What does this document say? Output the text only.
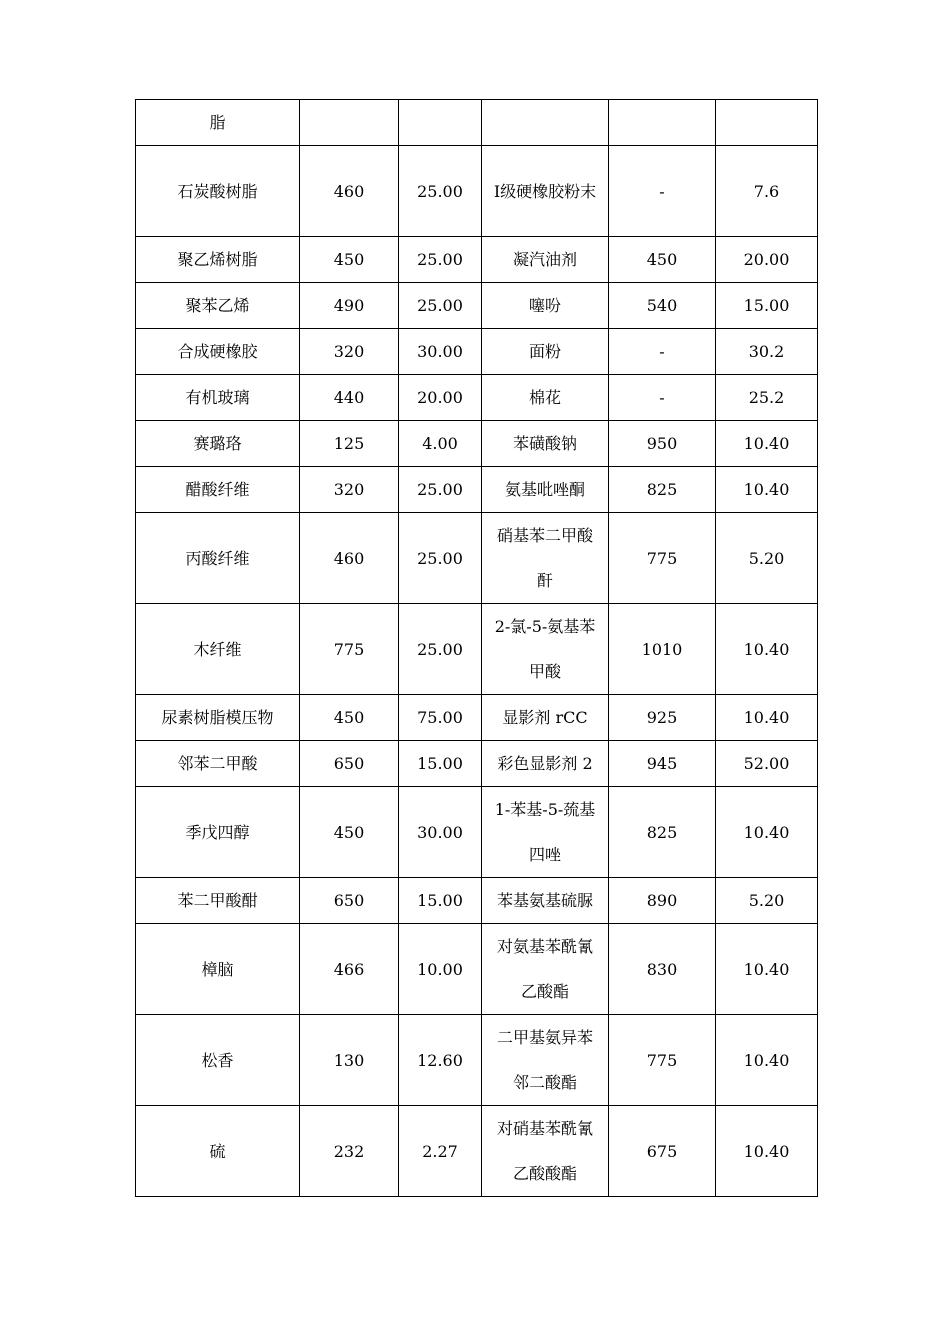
脂					
石炭酸树脂	460	25.00	Ⅰ级硬橡胶粉末	-	7.6
聚乙烯树脂	450	25.00	凝汽油剂	450	20.00
聚苯乙烯	490	25.00	噻吩	540	15.00
合成硬橡胶	320	30.00	面粉	-	30.2
有机玻璃	440	20.00	棉花	-	25.2
赛璐珞	125	4.00	苯磺酸钠	950	10.40
醋酸纤维	320	25.00	氨基吡唑酮	825	10.40
丙酸纤维	460	25.00	硝基苯二甲酸酐	775	5.20
木纤维	775	25.00	2-氯-5-氨基苯甲酸	1010	10.40
尿素树脂模压物	450	75.00	显影剂 rCC	925	10.40
邻苯二甲酸	650	15.00	彩色显影剂 2	945	52.00
季戊四醇	450	30.00	1-苯基-5-巯基四唑	825	10.40
苯二甲酸酣	650	15.00	苯基氨基硫脲	890	5.20
樟脑	466	10.00	对氨基苯酰氰乙酸酯	830	10.40
松香	130	12.60	二甲基氨异苯邻二酸酯	775	10.40
硫	232	2.27	对硝基苯酰氰乙酸酸酯	675	10.40
